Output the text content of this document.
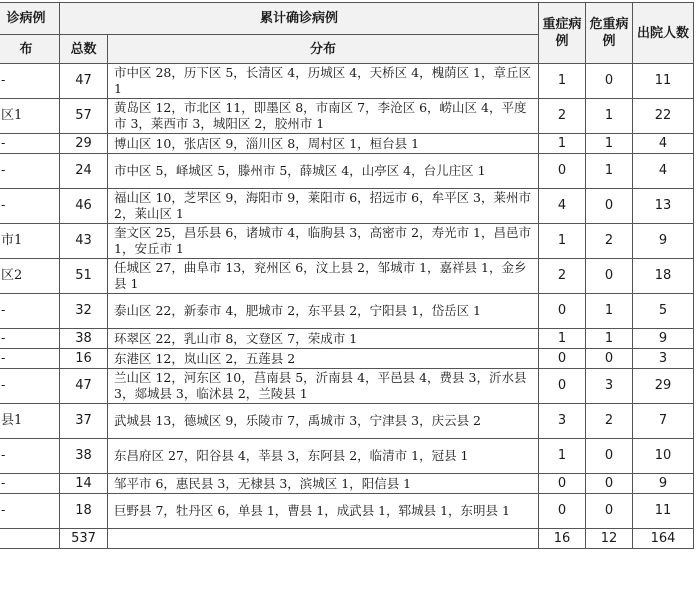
诊病例	累计确诊病例		重症病例	危重病例	出院人数
布	总数	分布			
-	47	市中区 28，历下区 5，长清区 4，历城区 4，天桥区 4，槐荫区 1，章丘区 1	1	0	11
区1	57	黄岛区 12，市北区 11，即墨区 8，市南区 7，李沧区 6，崂山区 4，平度市 3，莱西市 3，城阳区 2，胶州市 1	2	1	22
-	29	博山区 10，张店区 9，淄川区 8，周村区 1，桓台县 1	1	1	4
-	24	市中区 5，峄城区 5，滕州市 5，薛城区 4，山亭区 4，台儿庄区 1	0	1	4
-	46	福山区 10，芝罘区 9，海阳市 9，莱阳市 6，招远市 6，牟平区 3，莱州市 2，莱山区 1	4	0	13
市1	43	奎文区 25，昌乐县 6，诸城市 4，临朐县 3，高密市 2，寿光市 1，昌邑市 1，安丘市 1	1	2	9
区2	51	任城区 27，曲阜市 13，兖州区 6，汶上县 2，邹城市 1，嘉祥县 1，金乡县 1	2	0	18
-	32	泰山区 22，新泰市 4，肥城市 2，东平县 2，宁阳县 1，岱岳区 1	0	1	5
-	38	环翠区 22，乳山市 8，文登区 7，荣成市 1	1	1	9
-	16	东港区 12，岚山区 2，五莲县 2	0	0	3
-	47	兰山区 12，河东区 10，莒南县 5，沂南县 4，平邑县 4，费县 3，沂水县 3，郯城县 3，临沭县 2，兰陵县 1	0	3	29
县1	37	武城县 13，德城区 9，乐陵市 7，禹城市 3，宁津县 3，庆云县 2	3	2	7
-	38	东昌府区 27，阳谷县 4，莘县 3，东阿县 2，临清市 1，冠县 1	1	0	10
-	14	邹平市 6，惠民县 3，无棣县 3，滨城区 1，阳信县 1	0	0	9
-	18	巨野县 7，牡丹区 6，单县 1，曹县 1，成武县 1，郓城县 1，东明县 1	0	0	11
	537		16	12	164
